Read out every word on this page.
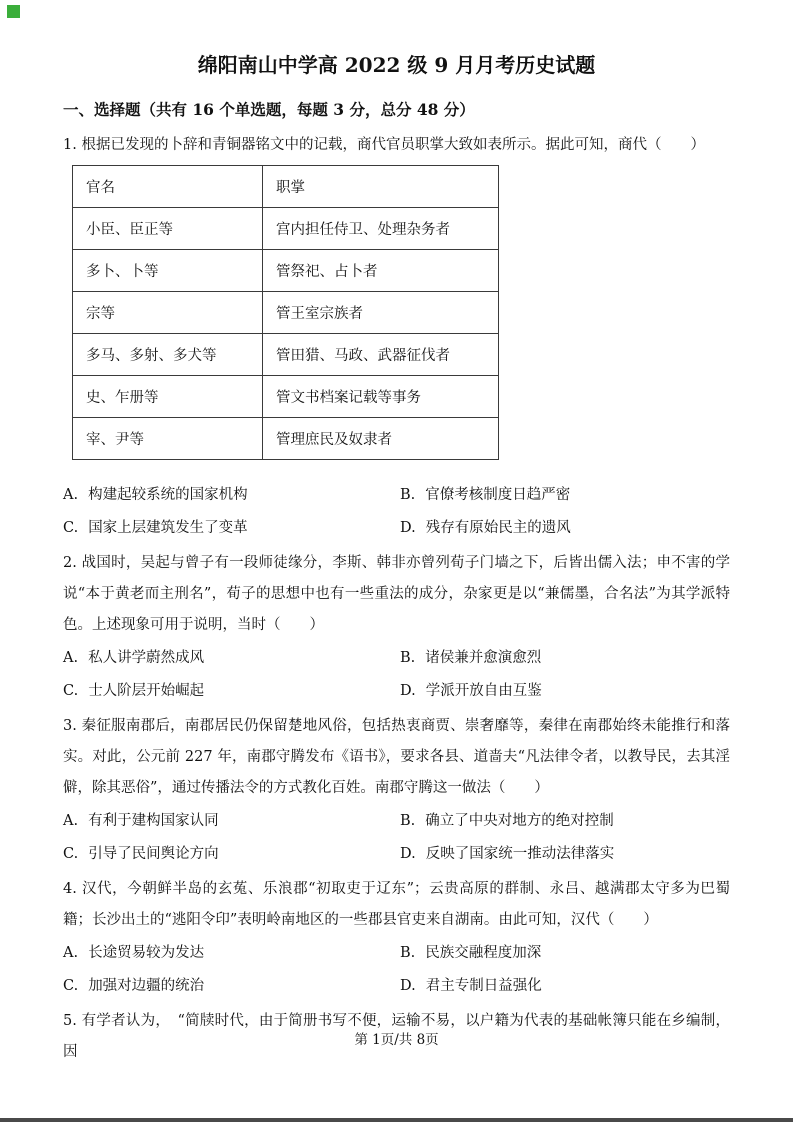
绵阳南山中学高 2022 级 9 月月考历史试题
一、选择题（共有 16 个单选题，每题 3 分，总分 48 分）

1. 根据已发现的卜辞和青铜器铭文中的记载，商代官员职掌大致如表所示。据此可知，商代（　　）

官名	职掌
小臣、臣正等	宫内担任侍卫、处理杂务者
多卜、卜等	管祭祀、占卜者
宗等	管王室宗族者
多马、多射、多犬等	管田猎、马政、武器征伐者
史、乍册等	管文书档案记载等事务
宰、尹等	管理庶民及奴隶者
A. 构建起较系统的国家机构	B. 官僚考核制度日趋严密
C. 国家上层建筑发生了变革	D. 残存有原始民主的遗风

2. 战国时，吴起与曾子有一段师徒缘分，李斯、韩非亦曾列荀子门墙之下，后皆出儒入法；申不害的学说“本于黄老而主刑名”，荀子的思想中也有一些重法的成分，杂家更是以“兼儒墨，合名法”为其学派特色。上述现象可用于说明，当时（　　）

A. 私人讲学蔚然成风	B. 诸侯兼并愈演愈烈
C. 士人阶层开始崛起	D. 学派开放自由互鉴

3. 秦征服南郡后，南郡居民仍保留楚地风俗，包括热衷商贾、崇奢靡等，秦律在南郡始终未能推行和落实。对此，公元前 227 年，南郡守腾发布《语书》，要求各县、道啬夫“凡法律令者，以教导民，去其淫僻，除其恶俗”，通过传播法令的方式教化百姓。南郡守腾这一做法（　　）

A. 有利于建构国家认同	B. 确立了中央对地方的绝对控制
C. 引导了民间舆论方向	D. 反映了国家统一推动法律落实

4. 汉代，今朝鲜半岛的玄菟、乐浪郡“初取吏于辽东”；云贵高原的群制、永吕、越满郡太守多为巴蜀籍；长沙出土的“逃阳令印”表明岭南地区的一些郡县官吏来自湖南。由此可知，汉代（　　）

A. 长途贸易较为发达	B. 民族交融程度加深
C. 加强对边疆的统治	D. 君主专制日益强化

5. 有学者认为，　“简牍时代，由于简册书写不便，运输不易，以户籍为代表的基础帐簿只能在乡编制，因

第 1页/共 8页
